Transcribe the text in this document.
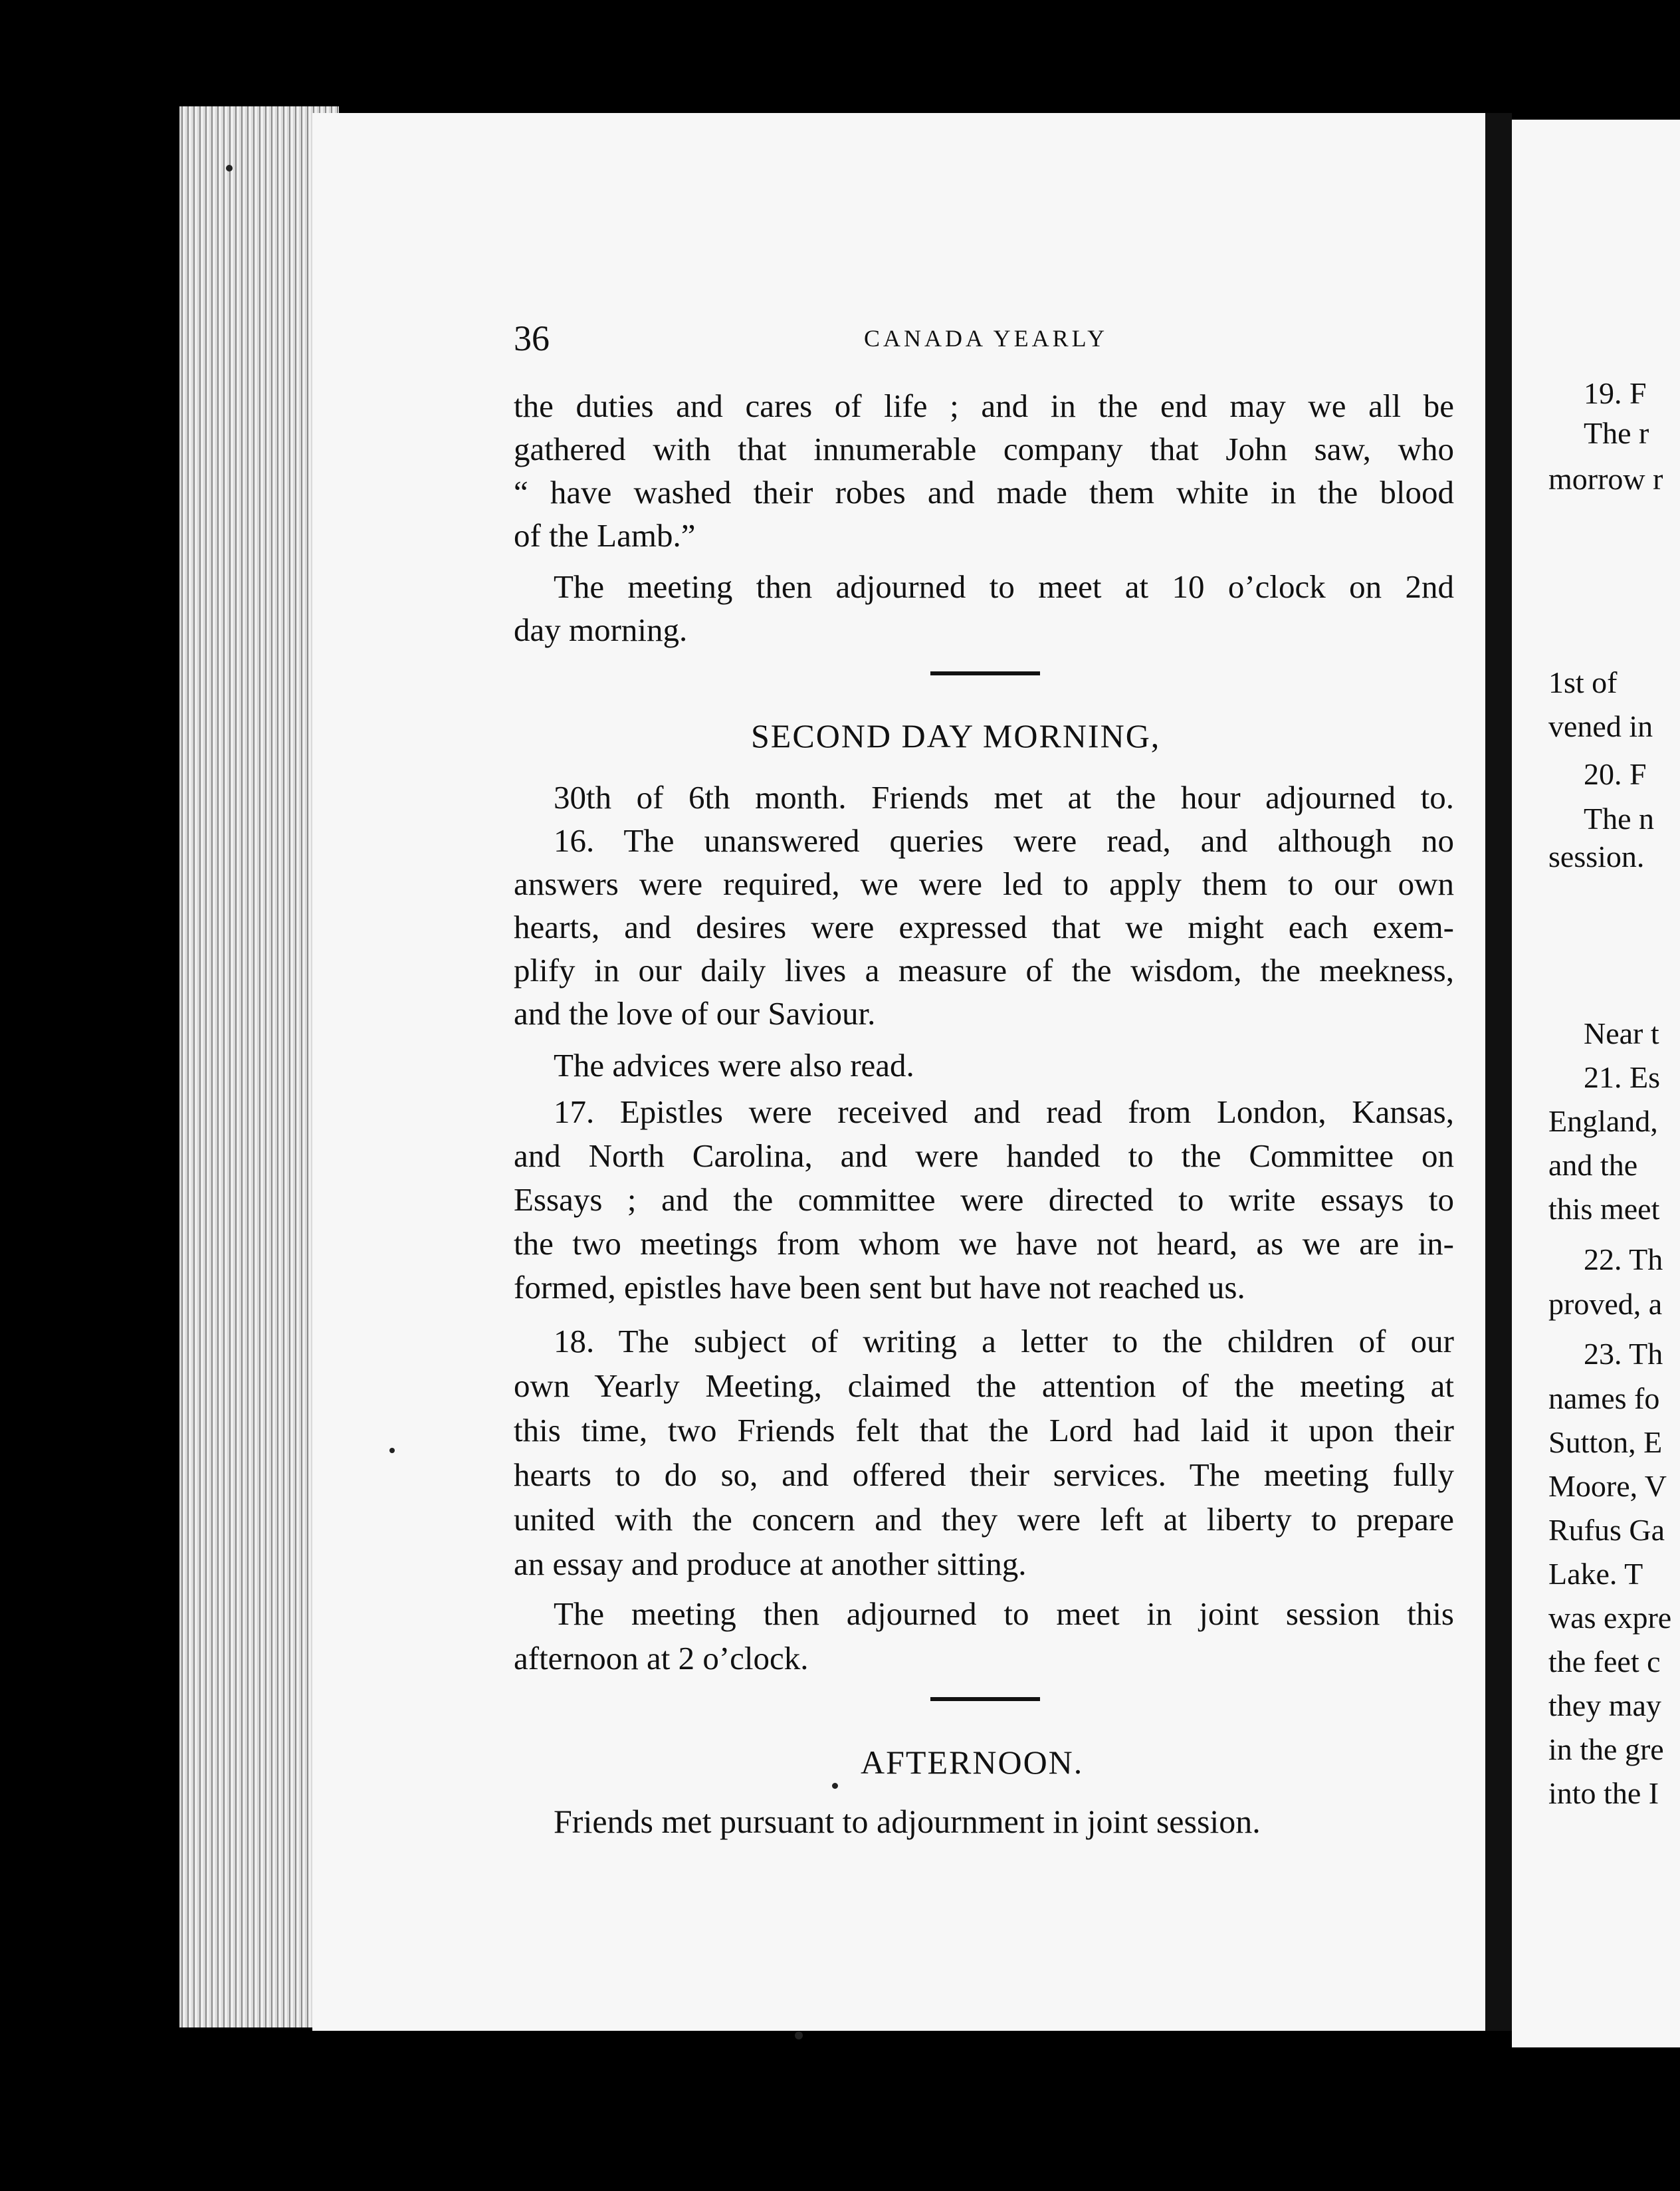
36	CANADA YEARLY
the duties and cares of life ; and in the end may we all be
gathered with that innumerable company that John saw, who
“ have washed their robes and made them white in the blood
of the Lamb.”
The meeting then adjourned to meet at 10 o’clock on 2nd
day morning.
SECOND DAY MORNING,
30th of 6th month. Friends met at the hour adjourned to.
16. The unanswered queries were read, and although no
answers were required, we were led to apply them to our own
hearts, and desires were expressed that we might each exem-
plify in our daily lives a measure of the wisdom, the meekness,
and the love of our Saviour.
The advices were also read.
17. Epistles were received and read from London, Kansas,
and North Carolina, and were handed to the Committee on
Essays ; and the committee were directed to write essays to
the two meetings from whom we have not heard, as we are in-
formed, epistles have been sent but have not reached us.
18. The subject of writing a letter to the children of our
own Yearly Meeting, claimed the attention of the meeting at
this time, two Friends felt that the Lord had laid it upon their
hearts to do so, and offered their services. The meeting fully
united with the concern and they were left at liberty to prepare
an essay and produce at another sitting.
The meeting then adjourned to meet in joint session this
afternoon at 2 o’clock.
AFTERNOON.
Friends met pursuant to adjournment in joint session.
19. F
The r
morrow r
1st of
vened in
20. F
The n
session.
Near t
21. Es
England,
and the
this meet
22. Th
proved, a
23. Th
names fo
Sutton, E
Moore, V
Rufus Ga
Lake. T
was expre
the feet c
they may
in the gre
into the I
